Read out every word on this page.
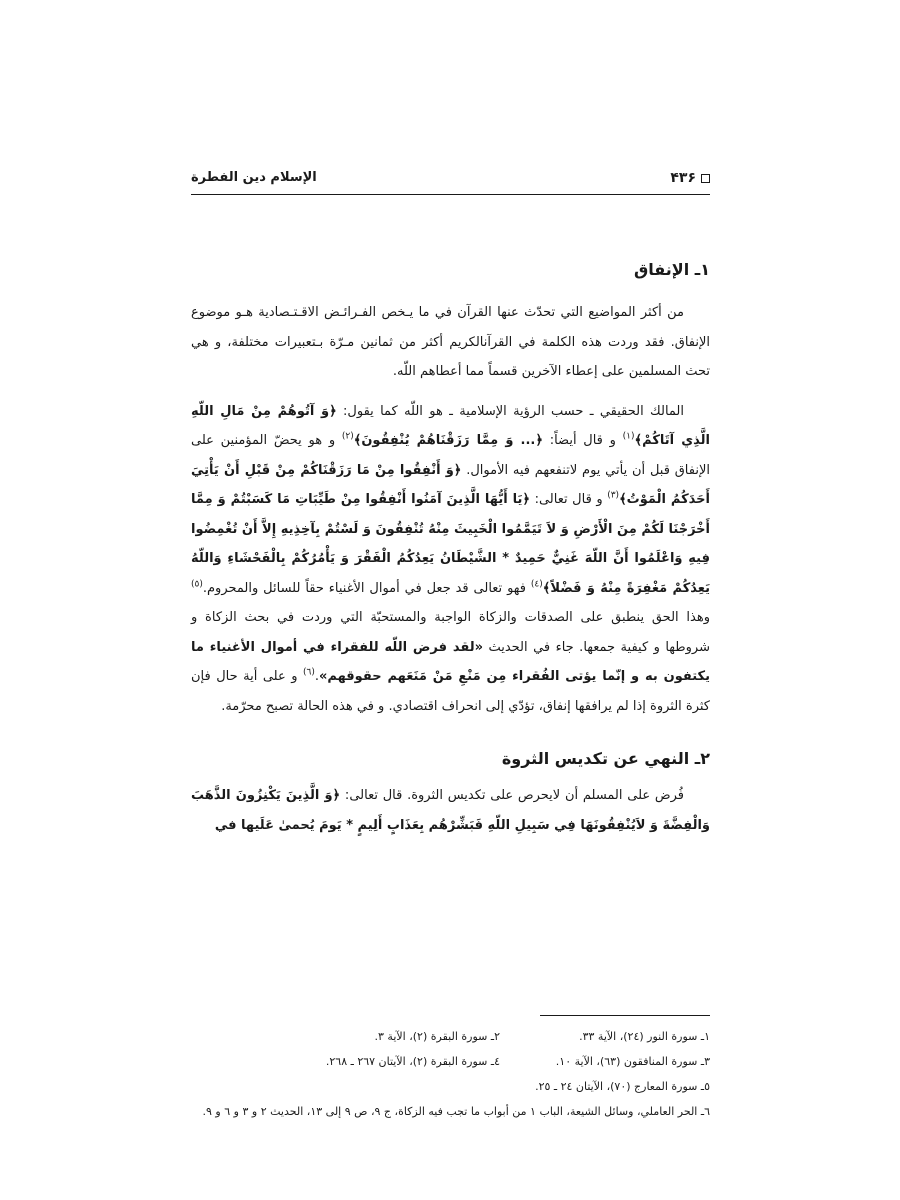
۴۳۶
الإسلام دين الفطرة
١ـ الإنفاق

من أكثر المواضيع التي تحدّث عنها القرآن في ما يـخص الفـرائـض الاقـتـصادية هـو موضوع الإنفاق. فقد وردت هذه الكلمة في القرآنالكريم أكثر من ثمانين مـرّة بـتعبيرات مختلفة، و هي تحث المسلمين على إعطاء الآخرين قسماً مما أعطاهم اللّه.

المالك الحقيقي ـ حسب الرؤية الإسلامية ـ هو اللّه كما يقول: ﴿وَ آتُوهُمْ مِنْ مَالِ اللّهِ الَّذِي آتَاكُمْ﴾$^{(١)}$ و قال أيضاً: ﴿... وَ مِمَّا رَزَقْنَاهُمْ يُنْفِقُونَ﴾$^{(٢)}$ و هو يحضّ المؤمنين على الإنفاق قبل أن يأتي يوم لاتنفعهم فيه الأموال. ﴿وَ أَنْفِقُوا مِنْ مَا رَزَقْنَاكُمْ مِنْ قَبْلِ أَنْ يَأْتِيَ أَحَدَكُمُ الْمَوْتُ﴾$^{(٣)}$ و قال تعالى: ﴿يَا أَيُّهَا الَّذِينَ آمَنُوا أَنْفِقُوا مِنْ طَيِّبَاتِ مَا كَسَبْتُمْ وَ مِمَّا أَخْرَجْنَا لَكُمْ مِنَ الْأَرْضِ وَ لاَ تَيَمَّمُوا الْخَبِيثَ مِنْهُ تُنْفِقُونَ وَ لَسْتُمْ بِآخِذِيهِ إِلاَّ أَنْ تُغْمِضُوا فِيهِ وَاعْلَمُوا أَنَّ اللّهَ غَنِيٌّ حَمِيدٌ * الشَّيْطَانُ يَعِدُكُمُ الْفَقْرَ وَ يَأْمُرُكُمْ بِالْفَحْشَاءِ وَاللّهُ يَعِدُكُمْ مَغْفِرَةً مِنْهُ وَ فَضْلاً﴾$^{(٤)}$ فهو تعالى قد جعل في أموال الأغنياء حقاً للسائل والمحروم.$^{(٥)}$ وهذا الحق ينطبق على الصدقات والزكاة الواجبة والمستحبّة التي وردت في بحث الزكاة و شروطها و كيفية جمعها. جاء في الحديث «لقد فرض اللّه للفقراء في أموال الأغنياء ما يكتفون به و إنّما يؤتى الفُقراء مِن مَنْعِ مَنْ مَنَعَهم حقوقهم».$^{(٦)}$ و على أية حال فإن كثرة الثروة إذا لم يرافقها إنفاق، تؤدّي إلى انحراف اقتصادي. و في هذه الحالة تصبح محرّمة.

٢ـ النهي عن تكديس الثروة

فُرض على المسلم أن لايحرص على تكديس الثروة. قال تعالى: ﴿وَ الَّذِينَ يَكْنِزُونَ الذَّهَبَ وَالْفِضَّةَ وَ لاَيُنْفِقُونَهَا فِي سَبِيلِ اللّهِ فَبَشِّرْهُم بِعَذَابٍ أَلِيمٍ * يَومَ يُحمىٰ عَلَيها في

١ـ سورة النور (٢٤)، الآية ٣٣.
٢ـ سورة البقرة (٢)، الآية ٣.
٣ـ سورة المنافقون (٦٣)، الآية ١٠.
٤ـ سورة البقرة (٢)، الآيتان ٢٦٧ ـ ٢٦٨.
٥ـ سورة المعارج (٧٠)، الآيتان ٢٤ ـ ٢٥.
٦ـ الحر العاملي، وسائل الشيعة، الباب ١ من أبواب ما تجب فيه الزكاة، ج ٩، ص ٩ إلى ١٣، الحديث ٢ و ٣ و ٦ و ٩.
